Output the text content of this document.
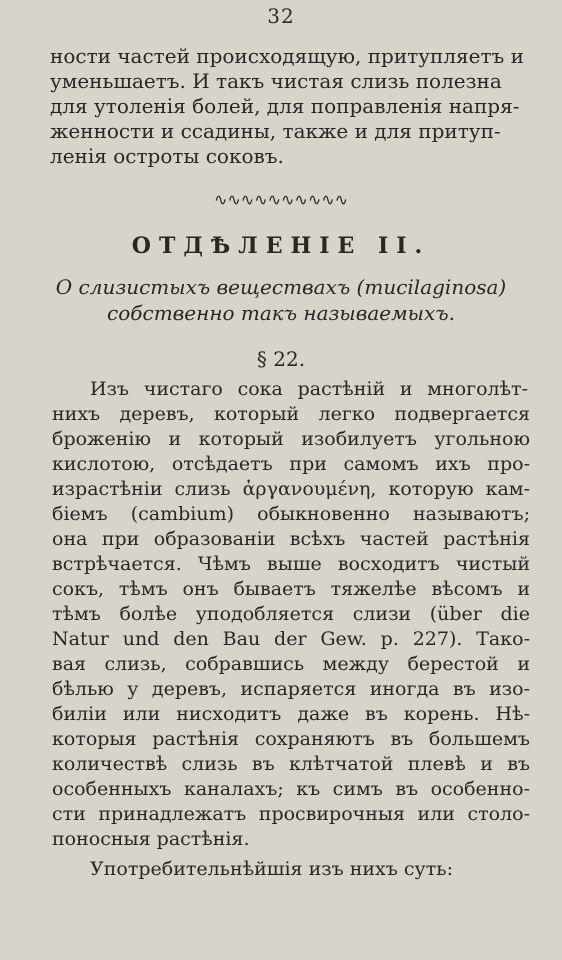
32
ности частей происходящую, притупляетъ и
уменьшаетъ. И такъ чистая слизь полезна
для утоленія болей, для поправленія напря-
женности и ссадины, также и для притуп-
ленія остроты соковъ.
∿∿∿∿∿∿∿∿∿∿
ОТДѢЛЕНІЕ II.
О слизистыхъ веществахъ (mucilaginosa)
собственно такъ называемыхъ.
§ 22.
Изъ чистаго сока растѣній и многолѣт-
нихъ деревъ, который легко подвергается
броженію и который изобилуетъ угольною
кислотою, отсѣдаетъ при самомъ ихъ про-
израстѣніи слизь ἀργανουμένη, которую кам-
біемъ (cambium) обыкновенно называютъ;
она при образованіи всѣхъ частей растѣнія
встрѣчается. Чѣмъ выше восходитъ чистый
сокъ, тѣмъ онъ бываетъ тяжелѣе вѣсомъ и
тѣмъ болѣе уподобляется слизи (über die
Natur und den Bau der Gew. p. 227). Тако-
вая слизь, собравшись между берестой и
бѣлью у деревъ, испаряется иногда въ изо-
биліи или нисходитъ даже въ корень. Нѣ-
которыя растѣнія сохраняютъ въ большемъ
количествѣ слизь въ клѣтчатой плевѣ и въ
особенныхъ каналахъ; къ симъ въ особенно-
сти принадлежатъ просвирочныя или столо-
поносныя растѣнія.
Употребительнѣйшія изъ нихъ суть:
